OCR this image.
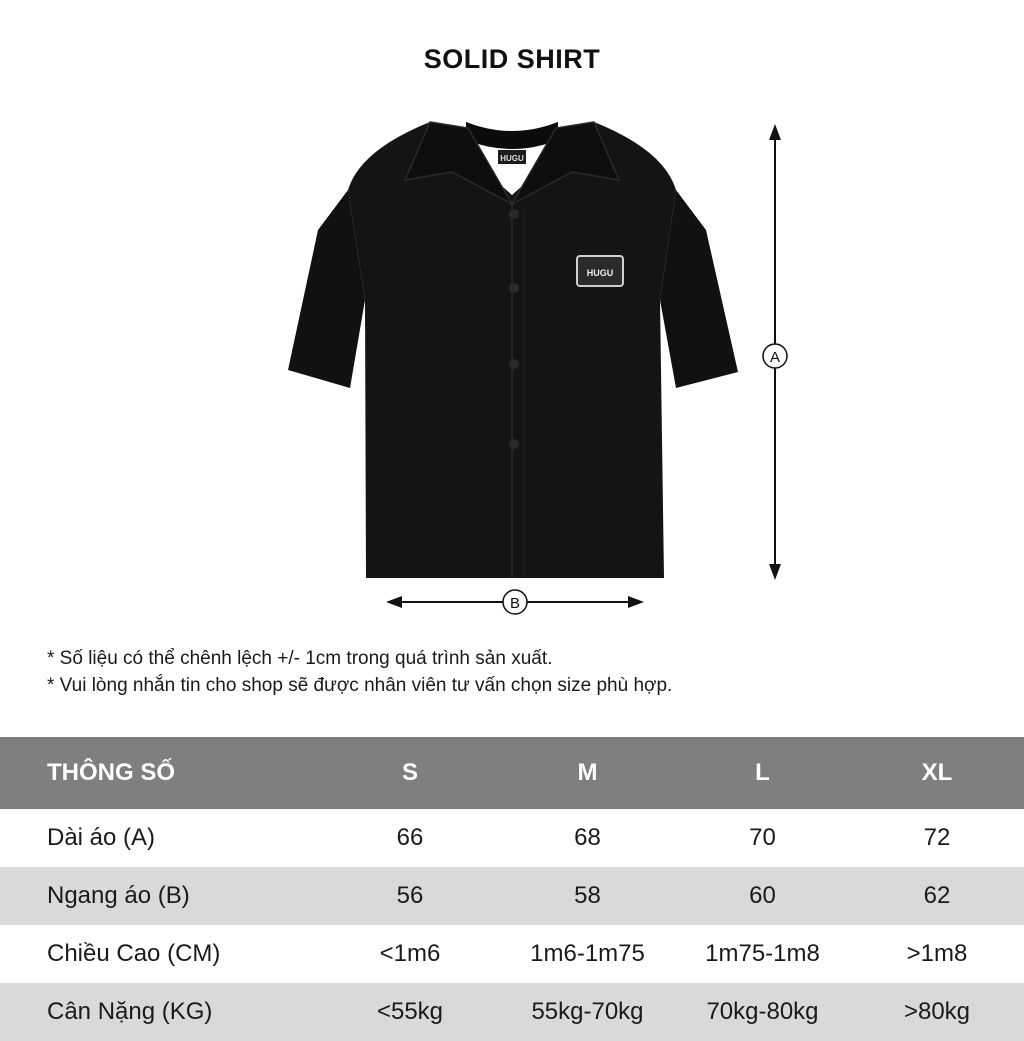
SOLID SHIRT
HUGU
HUGU
A
B
* Số liệu có thể chênh lệch +/- 1cm trong quá trình sản xuất.
* Vui lòng nhắn tin cho shop sẽ được nhân viên tư vấn chọn size phù hợp.
THÔNG SỐ	S	M	L	XL
Dài áo (A)	66	68	70	72
Ngang áo (B)	56	58	60	62
Chiều Cao (CM)	<1m6	1m6-1m75	1m75-1m8	>1m8
Cân Nặng (KG)	<55kg	55kg-70kg	70kg-80kg	>80kg
